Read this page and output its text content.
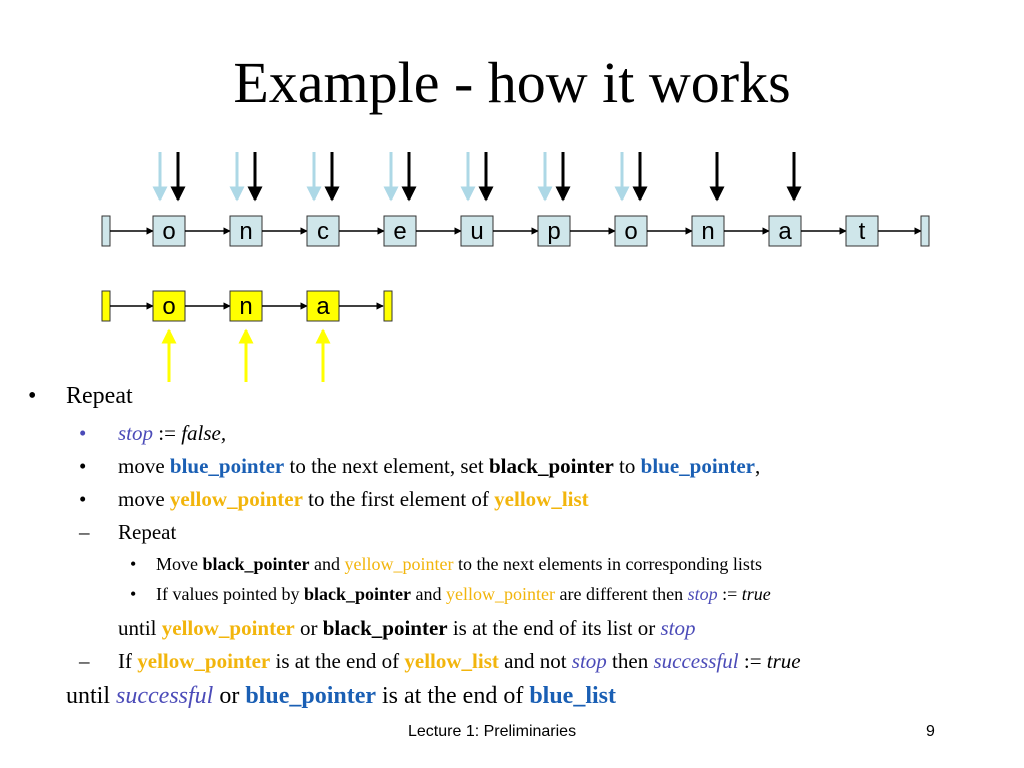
Example - how it works
o	n	c	e	u	p	o	n	a	t
o	n	a
• Repeat
• stop := false,
• move blue_pointer to the next element, set black_pointer to blue_pointer,
• move yellow_pointer to the first element of yellow_list
– Repeat
• Move black_pointer and yellow_pointer to the next elements in corresponding lists
• If values pointed by black_pointer and yellow_pointer are different then stop := true
until yellow_pointer or black_pointer is at the end of its list or stop
– If yellow_pointer is at the end of yellow_list and not stop then successful := true
until successful or blue_pointer is at the end of blue_list
Lecture 1: Preliminaries	9
